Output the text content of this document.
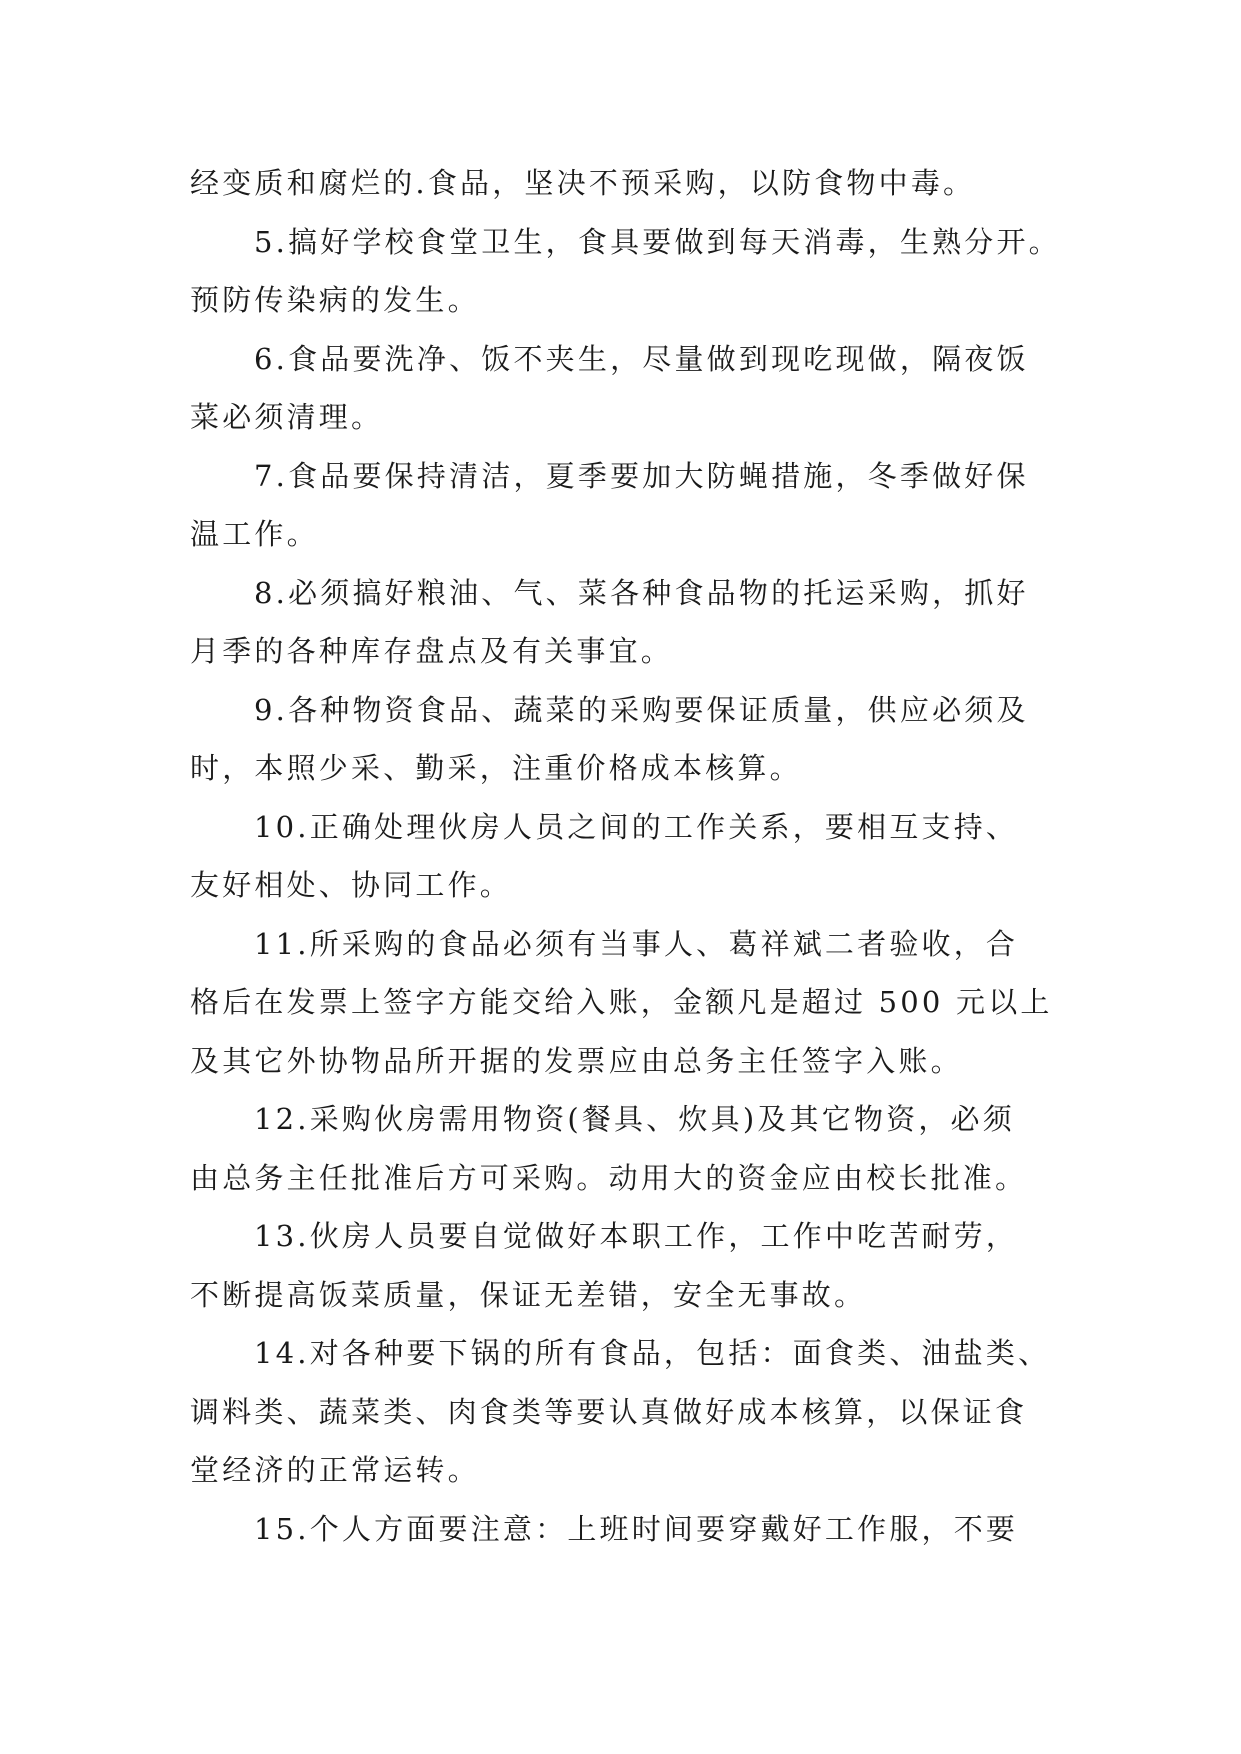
经变质和腐烂的.食品，坚决不预采购，以防食物中毒。
5.搞好学校食堂卫生，食具要做到每天消毒，生熟分开。
预防传染病的发生。
6.食品要洗净、饭不夹生，尽量做到现吃现做，隔夜饭
菜必须清理。
7.食品要保持清洁，夏季要加大防蝇措施，冬季做好保
温工作。
8.必须搞好粮油、气、菜各种食品物的托运采购，抓好
月季的各种库存盘点及有关事宜。
9.各种物资食品、蔬菜的采购要保证质量，供应必须及
时，本照少采、勤采，注重价格成本核算。
10.正确处理伙房人员之间的工作关系，要相互支持、
友好相处、协同工作。
11.所采购的食品必须有当事人、葛祥斌二者验收，合
格后在发票上签字方能交给入账，金额凡是超过 500 元以上
及其它外协物品所开据的发票应由总务主任签字入账。
12.采购伙房需用物资(餐具、炊具)及其它物资，必须
由总务主任批准后方可采购。动用大的资金应由校长批准。
13.伙房人员要自觉做好本职工作，工作中吃苦耐劳，
不断提高饭菜质量，保证无差错，安全无事故。
14.对各种要下锅的所有食品，包括：面食类、油盐类、
调料类、蔬菜类、肉食类等要认真做好成本核算，以保证食
堂经济的正常运转。
15.个人方面要注意：上班时间要穿戴好工作服，不要
